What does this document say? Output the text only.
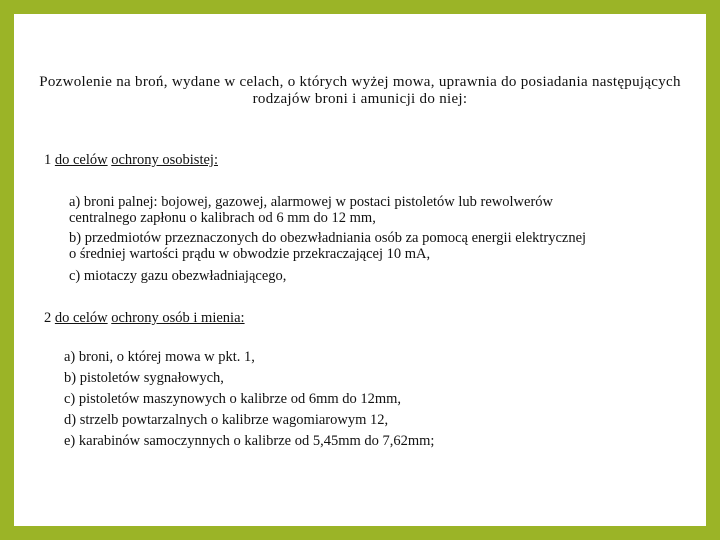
Pozwolenie na broń, wydane w celach, o których wyżej mowa, uprawnia do posiadania następujących rodzajów broni i amunicji do niej:

1 do celów ochrony osobistej:
a) broni palnej: bojowej, gazowej, alarmowej w postaci pistoletów lub rewolwerów
centralnego zapłonu o kalibrach od 6 mm do 12 mm,
b) przedmiotów przeznaczonych do obezwładniania osób za pomocą energii elektrycznej
o średniej wartości prądu w obwodzie przekraczającej 10 mA,
c) miotaczy gazu obezwładniającego,
2 do celów ochrony osób i mienia:
a) broni, o której mowa w pkt. 1,
b) pistoletów sygnałowych,
c) pistoletów maszynowych o kalibrze od 6mm do 12mm,
d) strzelb powtarzalnych o kalibrze wagomiarowym 12,
e) karabinów samoczynnych o kalibrze od 5,45mm do 7,62mm;
